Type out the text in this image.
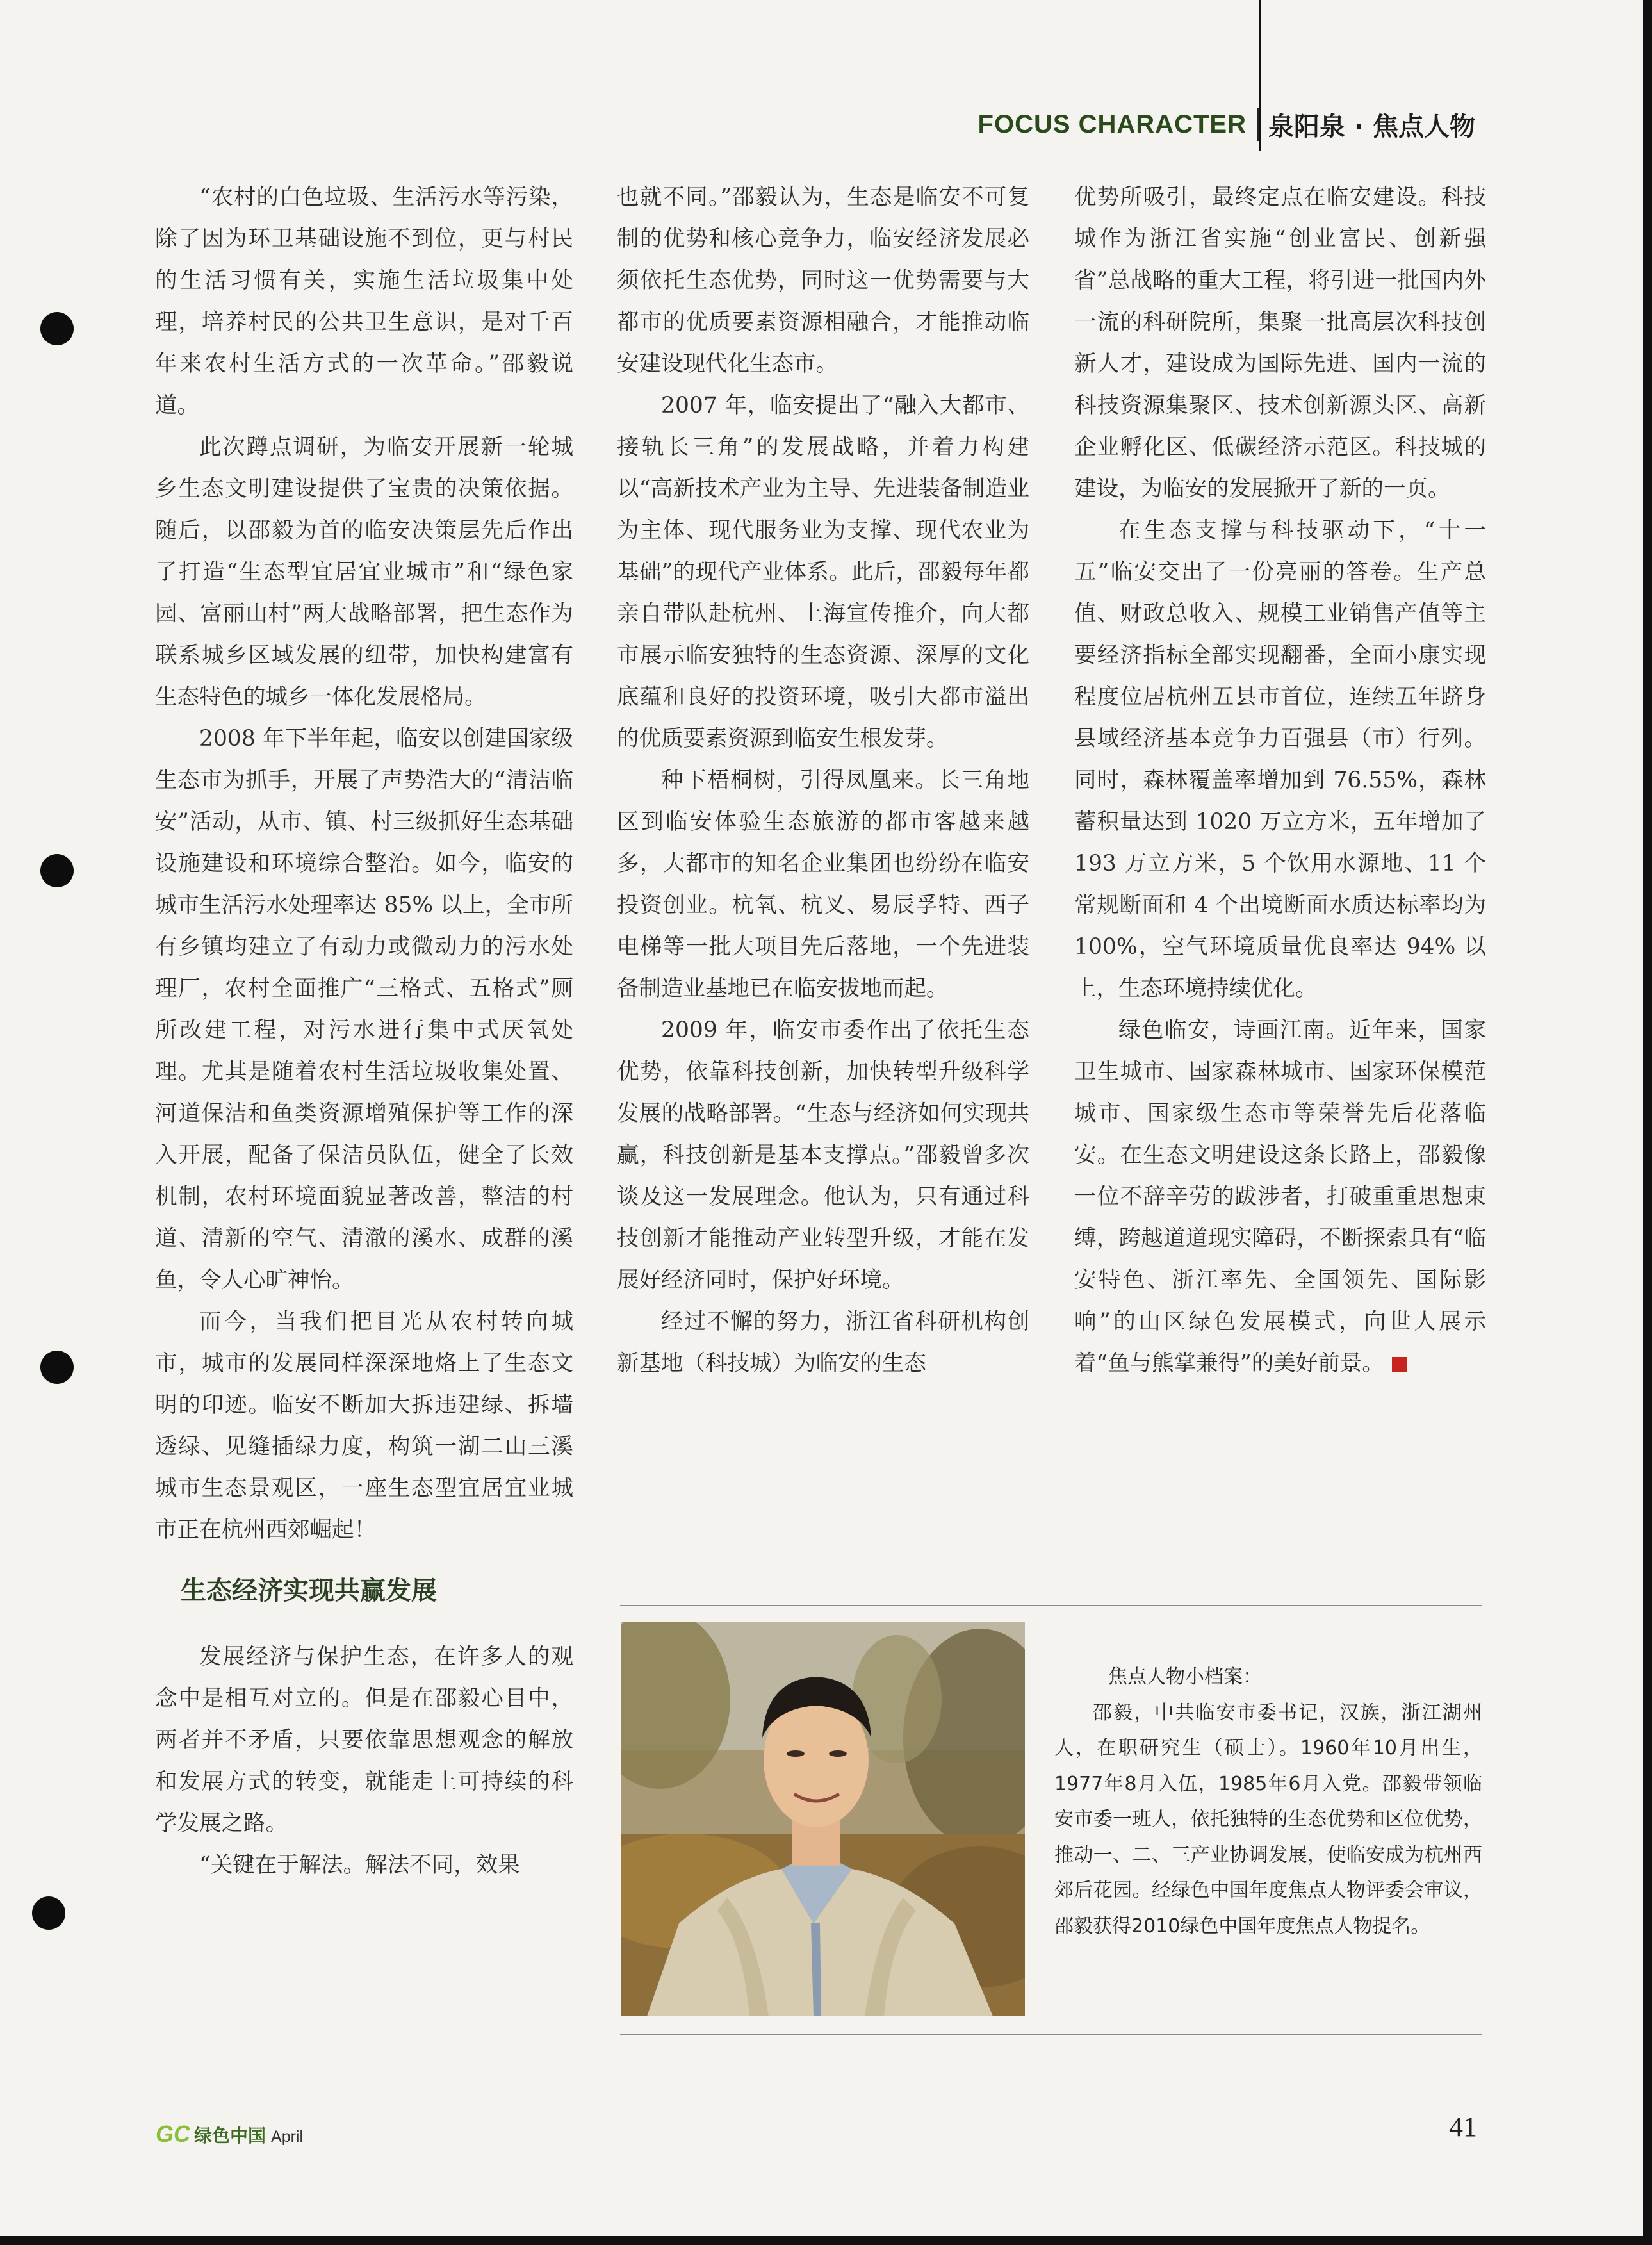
FOCUS CHARACTER 泉阳泉 · 焦点人物

“农村的白色垃圾、生活污水等污染，除了因为环卫基础设施不到位，更与村民的生活习惯有关，实施生活垃圾集中处理，培养村民的公共卫生意识，是对千百年来农村生活方式的一次革命。”邵毅说道。

此次蹲点调研，为临安开展新一轮城乡生态文明建设提供了宝贵的决策依据。随后，以邵毅为首的临安决策层先后作出了打造“生态型宜居宜业城市”和“绿色家园、富丽山村”两大战略部署，把生态作为联系城乡区域发展的纽带，加快构建富有生态特色的城乡一体化发展格局。

2008 年下半年起，临安以创建国家级生态市为抓手，开展了声势浩大的“清洁临安”活动，从市、镇、村三级抓好生态基础设施建设和环境综合整治。如今，临安的城市生活污水处理率达 85% 以上，全市所有乡镇均建立了有动力或微动力的污水处理厂，农村全面推广“三格式、五格式”厕所改建工程，对污水进行集中式厌氧处理。尤其是随着农村生活垃圾收集处置、河道保洁和鱼类资源增殖保护等工作的深入开展，配备了保洁员队伍，健全了长效机制，农村环境面貌显著改善，整洁的村道、清新的空气、清澈的溪水、成群的溪鱼，令人心旷神怡。

而今，当我们把目光从农村转向城市，城市的发展同样深深地烙上了生态文明的印迹。临安不断加大拆违建绿、拆墙透绿、见缝插绿力度，构筑一湖二山三溪城市生态景观区，一座生态型宜居宜业城市正在杭州西郊崛起！

生态经济实现共赢发展

发展经济与保护生态，在许多人的观念中是相互对立的。但是在邵毅心目中，两者并不矛盾，只要依靠思想观念的解放和发展方式的转变，就能走上可持续的科学发展之路。

“关键在于解法。解法不同，效果

也就不同。”邵毅认为，生态是临安不可复制的优势和核心竞争力，临安经济发展必须依托生态优势，同时这一优势需要与大都市的优质要素资源相融合，才能推动临安建设现代化生态市。

2007 年，临安提出了“融入大都市、接轨长三角”的发展战略，并着力构建以“高新技术产业为主导、先进装备制造业为主体、现代服务业为支撑、现代农业为基础”的现代产业体系。此后，邵毅每年都亲自带队赴杭州、上海宣传推介，向大都市展示临安独特的生态资源、深厚的文化底蕴和良好的投资环境，吸引大都市溢出的优质要素资源到临安生根发芽。

种下梧桐树，引得凤凰来。长三角地区到临安体验生态旅游的都市客越来越多，大都市的知名企业集团也纷纷在临安投资创业。杭氧、杭叉、易辰孚特、西子电梯等一批大项目先后落地，一个先进装备制造业基地已在临安拔地而起。

2009 年，临安市委作出了依托生态优势，依靠科技创新，加快转型升级科学发展的战略部署。“生态与经济如何实现共赢，科技创新是基本支撑点。”邵毅曾多次谈及这一发展理念。他认为，只有通过科技创新才能推动产业转型升级，才能在发展好经济同时，保护好环境。

经过不懈的努力，浙江省科研机构创新基地（科技城）为临安的生态

优势所吸引，最终定点在临安建设。科技城作为浙江省实施“创业富民、创新强省”总战略的重大工程，将引进一批国内外一流的科研院所，集聚一批高层次科技创新人才，建设成为国际先进、国内一流的科技资源集聚区、技术创新源头区、高新企业孵化区、低碳经济示范区。科技城的建设，为临安的发展掀开了新的一页。

在生态支撑与科技驱动下，“十一五”临安交出了一份亮丽的答卷。生产总值、财政总收入、规模工业销售产值等主要经济指标全部实现翻番，全面小康实现程度位居杭州五县市首位，连续五年跻身县域经济基本竞争力百强县（市）行列。同时，森林覆盖率增加到 76.55%，森林蓄积量达到 1020 万立方米，五年增加了 193 万立方米，5 个饮用水源地、11 个常规断面和 4 个出境断面水质达标率均为 100%，空气环境质量优良率达 94% 以上，生态环境持续优化。

绿色临安，诗画江南。近年来，国家卫生城市、国家森林城市、国家环保模范城市、国家级生态市等荣誉先后花落临安。在生态文明建设这条长路上，邵毅像一位不辞辛劳的跋涉者，打破重重思想束缚，跨越道道现实障碍，不断探索具有“临安特色、浙江率先、全国领先、国际影响”的山区绿色发展模式，向世人展示着“鱼与熊掌兼得”的美好前景。

焦点人物小档案：

邵毅，中共临安市委书记，汉族，浙江湖州人，在职研究生（硕士）。1960年10月出生，1977年8月入伍，1985年6月入党。邵毅带领临安市委一班人，依托独特的生态优势和区位优势，推动一、二、三产业协调发展，使临安成为杭州西郊后花园。经绿色中国年度焦点人物评委会审议，邵毅获得2010绿色中国年度焦点人物提名。

GC 绿色中国 April	41
